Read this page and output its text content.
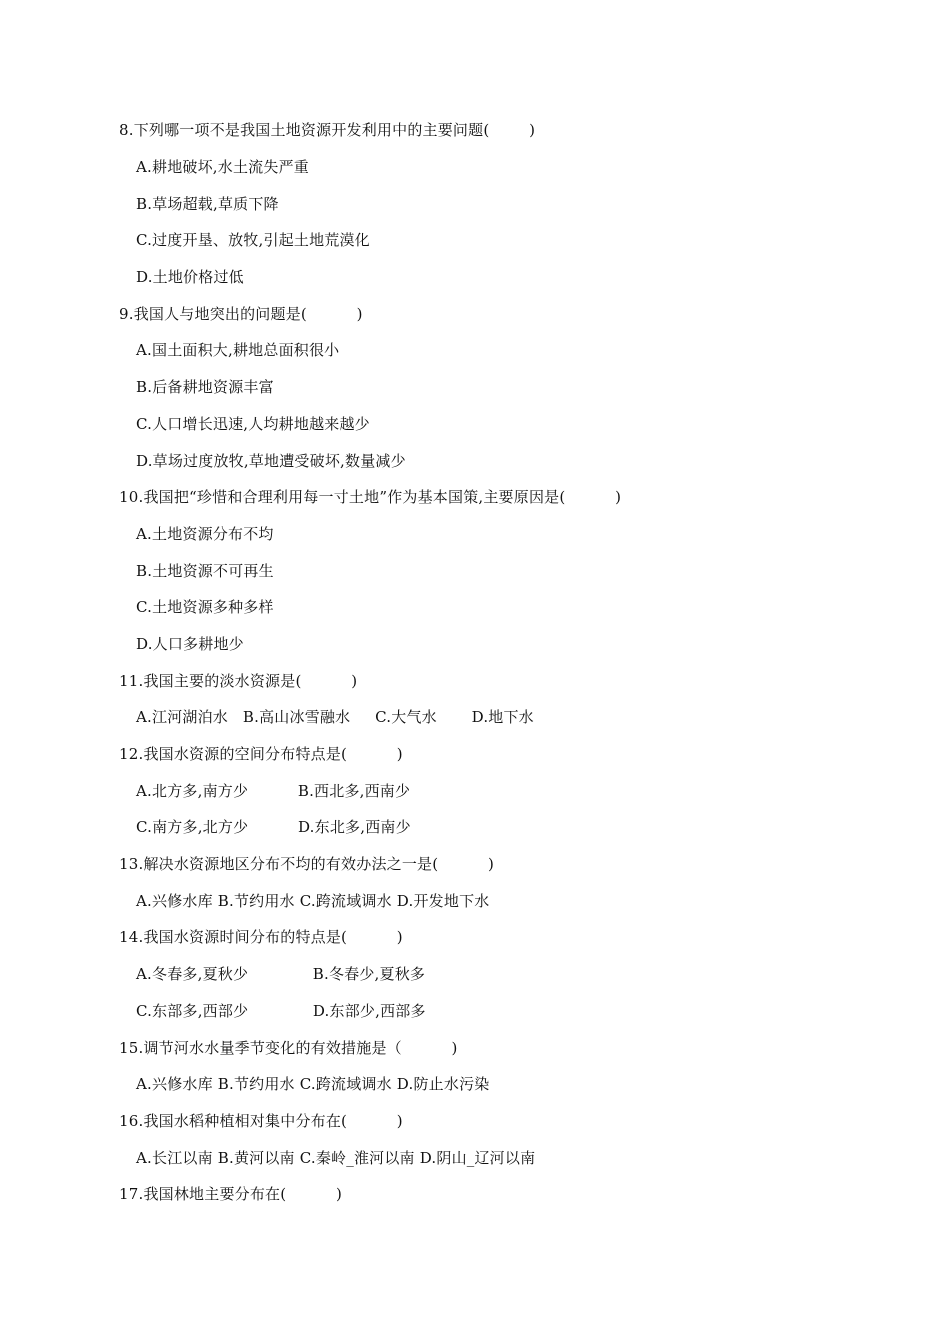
8.下列哪一项不是我国土地资源开发利用中的主要问题(        )
A.耕地破坏,水土流失严重
B.草场超载,草质下降
C.过度开垦、放牧,引起土地荒漠化
D.土地价格过低
9.我国人与地突出的问题是(          )
A.国土面积大,耕地总面积很小
B.后备耕地资源丰富
C.人口增长迅速,人均耕地越来越少
D.草场过度放牧,草地遭受破坏,数量减少
10.我国把“珍惜和合理利用每一寸土地”作为基本国策,主要原因是(          )
A.土地资源分布不均
B.土地资源不可再生
C.土地资源多种多样
D.人口多耕地少
11.我国主要的淡水资源是(          )
A.江河湖泊水   B.高山冰雪融水     C.大气水       D.地下水
12.我国水资源的空间分布特点是(          )
A.北方多,南方少          B.西北多,西南少
C.南方多,北方少          D.东北多,西南少
13.解决水资源地区分布不均的有效办法之一是(          )
A.兴修水库 B.节约用水 C.跨流域调水 D.开发地下水
14.我国水资源时间分布的特点是(          )
A.冬春多,夏秋少             B.冬春少,夏秋多
C.东部多,西部少             D.东部少,西部多
15.调节河水水量季节变化的有效措施是（          )
A.兴修水库 B.节约用水 C.跨流域调水 D.防止水污染
16.我国水稻种植相对集中分布在(          )
A.长江以南 B.黄河以南 C.秦岭_淮河以南 D.阴山_辽河以南
17.我国林地主要分布在(          )
